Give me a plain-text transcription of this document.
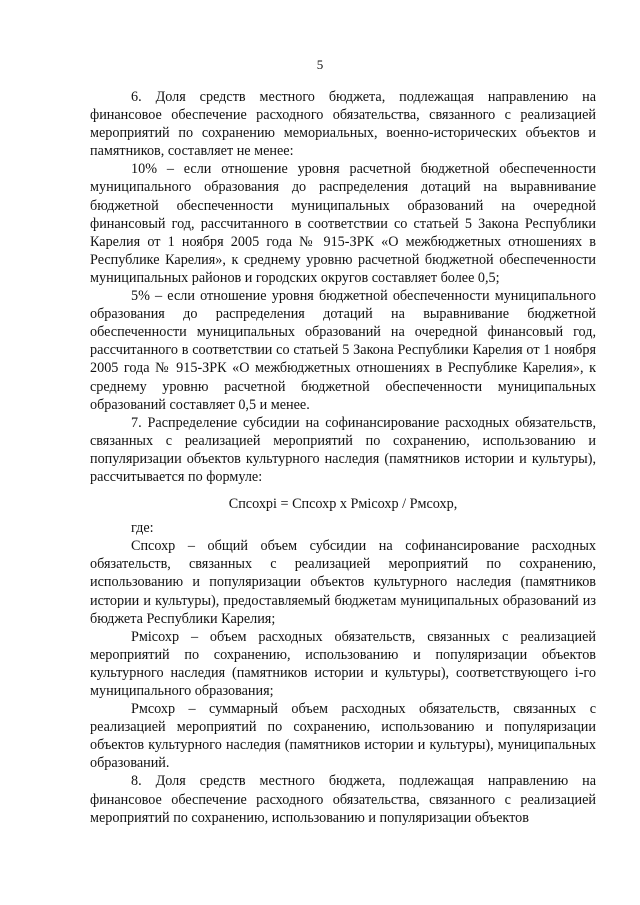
5

6. Доля средств местного бюджета, подлежащая направлению на финансовое обеспечение расходного обязательства, связанного с реализацией мероприятий по сохранению мемориальных, военно-исторических объектов и памятников, составляет не менее:

10% – если отношение уровня расчетной бюджетной обеспеченности муниципального образования до распределения дотаций на выравнивание бюджетной обеспеченности муниципальных образований на очередной финансовый год, рассчитанного в соответствии со статьей 5 Закона Республики Карелия от 1 ноября 2005 года № 915-ЗРК «О межбюджетных отношениях в Республике Карелия», к среднему уровню расчетной бюджетной обеспеченности муниципальных районов и городских округов составляет более 0,5;

5% – если отношение уровня бюджетной обеспеченности муниципального образования до распределения дотаций на выравнивание бюджетной обеспеченности муниципальных образований на очередной финансовый год, рассчитанного в соответствии со статьей 5 Закона Республики Карелия от 1 ноября 2005 года № 915-ЗРК «О межбюджетных отношениях в Республике Карелия», к среднему уровню расчетной бюджетной обеспеченности муниципальных образований составляет 0,5 и менее.

7. Распределение субсидии на софинансирование расходных обязательств, связанных с реализацией мероприятий по сохранению, использованию и популяризации объектов культурного наследия (памятников истории и культуры), рассчитывается по формуле:

Cпсохрі = Cпсохр x Pмісохр / Pмсохр,

где:

Cпсохр – общий объем субсидии на софинансирование расходных обязательств, связанных с реализацией мероприятий по сохранению, использованию и популяризации объектов культурного наследия (памятников истории и культуры), предоставляемый бюджетам муниципальных образований из бюджета Республики Карелия;

Pмісохр – объем расходных обязательств, связанных с реализацией мероприятий по сохранению, использованию и популяризации объектов культурного наследия (памятников истории и культуры), соответствующего і-го муниципального образования;

Pмсохр – суммарный объем расходных обязательств, связанных с реализацией мероприятий по сохранению, использованию и популяризации объектов культурного наследия (памятников истории и культуры), муниципальных образований.

8. Доля средств местного бюджета, подлежащая направлению на финансовое обеспечение расходного обязательства, связанного с реализацией мероприятий по сохранению, использованию и популяризации объектов
